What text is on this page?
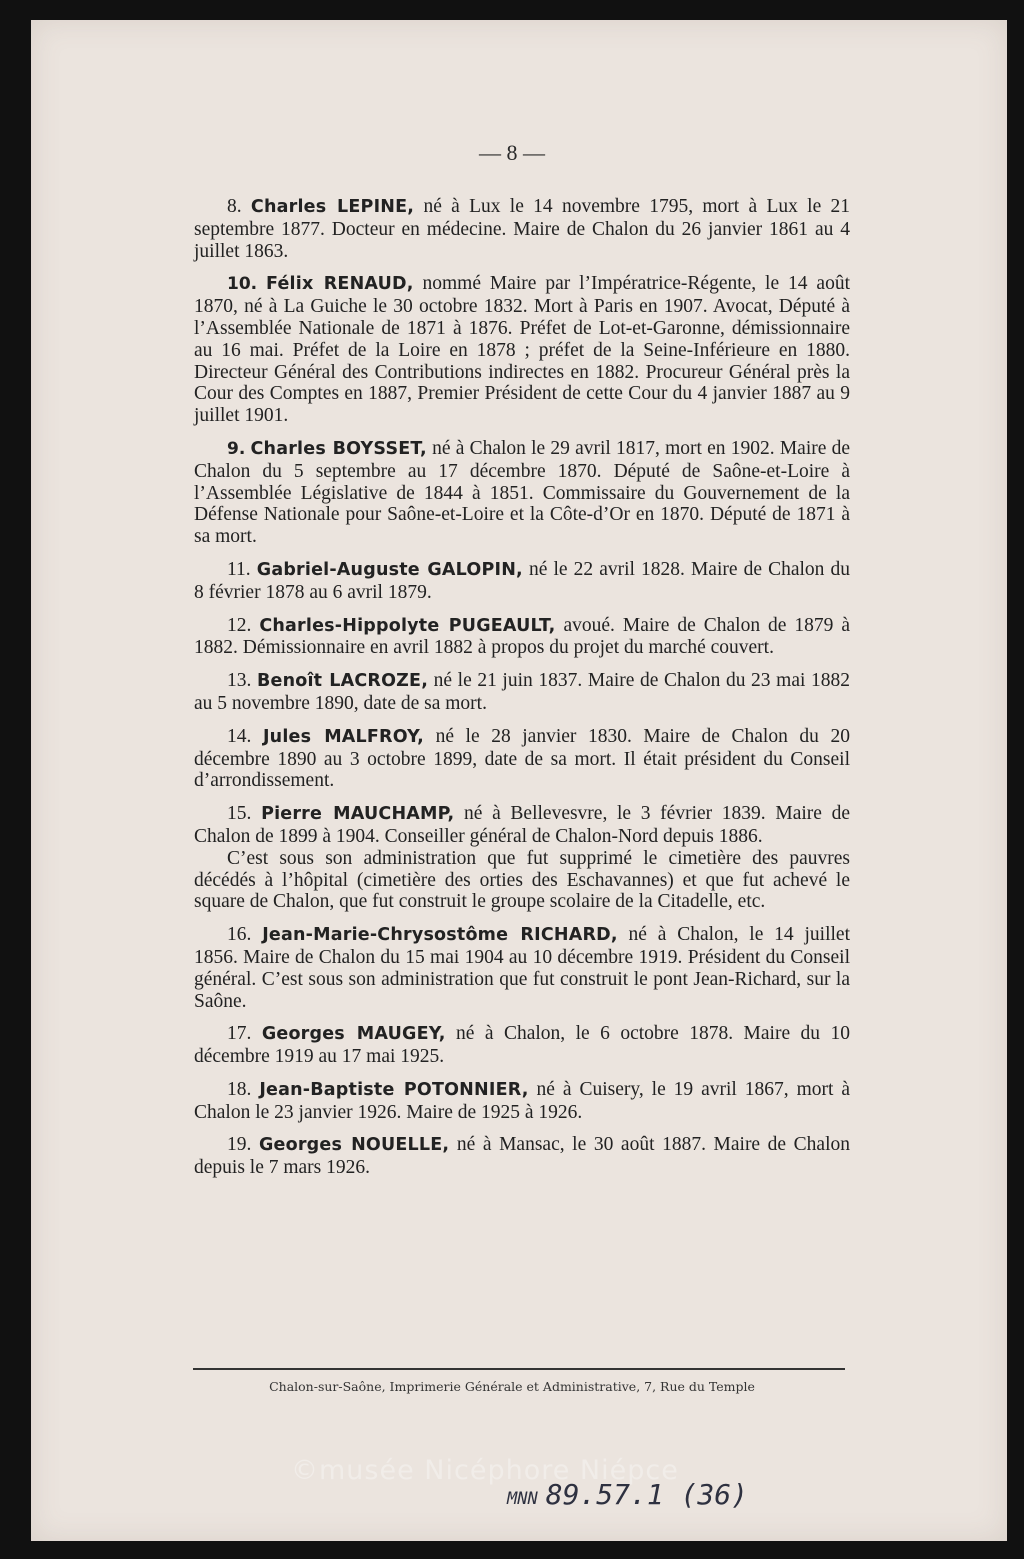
— 8 —

8. Charles LEPINE, né à Lux le 14 novembre 1795, mort à Lux le 21 septembre 1877. Docteur en médecine. Maire de Chalon du 26 janvier 1861 au 4 juillet 1863.

10. Félix RENAUD, nommé Maire par l’Impératrice-Régente, le 14 août 1870, né à La Guiche le 30 octobre 1832. Mort à Paris en 1907. Avocat, Député à l’Assemblée Nationale de 1871 à 1876. Préfet de Lot-et-Garonne, démissionnaire au 16 mai. Préfet de la Loire en 1878 ; préfet de la Seine-Inférieure en 1880. Directeur Général des Contributions indirectes en 1882. Procureur Général près la Cour des Comptes en 1887, Premier Président de cette Cour du 4 janvier 1887 au 9 juillet 1901.

9. Charles BOYSSET, né à Chalon le 29 avril 1817, mort en 1902. Maire de Chalon du 5 septembre au 17 décembre 1870. Député de Saône-et-Loire à l’Assemblée Législative de 1844 à 1851. Commissaire du Gouvernement de la Défense Nationale pour Saône-et-Loire et la Côte-d’Or en 1870. Député de 1871 à sa mort.

11. Gabriel-Auguste GALOPIN, né le 22 avril 1828. Maire de Chalon du 8 février 1878 au 6 avril 1879.

12. Charles-Hippolyte PUGEAULT, avoué. Maire de Chalon de 1879 à 1882. Démissionnaire en avril 1882 à propos du projet du marché couvert.

13. Benoît LACROZE, né le 21 juin 1837. Maire de Chalon du 23 mai 1882 au 5 novembre 1890, date de sa mort.

14. Jules MALFROY, né le 28 janvier 1830. Maire de Chalon du 20 décembre 1890 au 3 octobre 1899, date de sa mort. Il était président du Conseil d’arrondissement.

15. Pierre MAUCHAMP, né à Bellevesvre, le 3 février 1839. Maire de Chalon de 1899 à 1904. Conseiller général de Chalon-Nord depuis 1886.

C’est sous son administration que fut supprimé le cimetière des pauvres décédés à l’hôpital (cimetière des orties des Eschavannes) et que fut achevé le square de Chalon, que fut construit le groupe scolaire de la Citadelle, etc.

16. Jean-Marie-Chrysostôme RICHARD, né à Chalon, le 14 juillet 1856. Maire de Chalon du 15 mai 1904 au 10 décembre 1919. Président du Conseil général. C’est sous son administration que fut construit le pont Jean-Richard, sur la Saône.

17. Georges MAUGEY, né à Chalon, le 6 octobre 1878. Maire du 10 décembre 1919 au 17 mai 1925.

18. Jean-Baptiste POTONNIER, né à Cuisery, le 19 avril 1867, mort à Chalon le 23 janvier 1926. Maire de 1925 à 1926.

19. Georges NOUELLE, né à Mansac, le 30 août 1887. Maire de Chalon depuis le 7 mars 1926.

Chalon-sur-Saône, Imprimerie Générale et Administrative, 7, Rue du Temple
©musée Nicéphore Niépce
MNN 89.57.1 (36)
